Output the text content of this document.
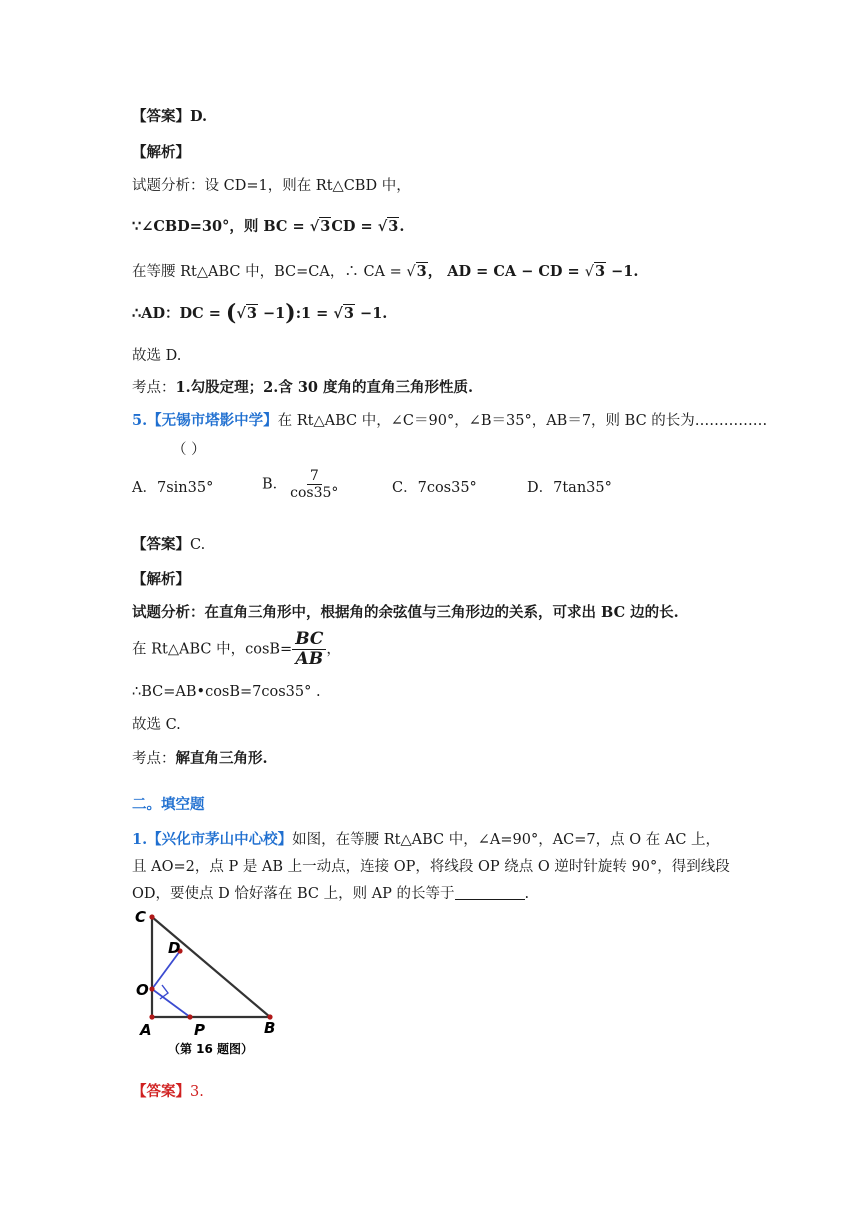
【答案】D.
【解析】
试题分析：设 CD=1，则在 Rt△CBD 中，
∵∠CBD=30°，则 BC = √3CD = √3.
在等腰 Rt△ABC 中，BC=CA，∴ CA = √3， AD = CA − CD = √3 −1.
∴AD：DC = (√3 −1):1 = √3 −1.
故选 D.
考点：1.勾股定理；2.含 30 度角的直角三角形性质.
5.【无锡市塔影中学】在 Rt△ABC 中，∠C＝90°，∠B＝35°，AB＝7，则 BC 的长为……………
（ ）
A．7sin35°	B． $\frac{7}{\cos 35^\circ}$	C．7cos35°	D．7tan35°
【答案】C.
【解析】
试题分析：在直角三角形中，根据角的余弦值与三角形边的关系，可求出 BC 边的长.
在 Rt△ABC 中，$\cos B= \frac{BC}{AB}$ ，
∴BC=AB•cosB=7cos35° .
故选 C.
考点：解直角三角形.
二。填空题
1.【兴化市茅山中心校】如图，在等腰 Rt△ABC 中，∠A=90°，AC=7，点 O 在 AC 上，
且 AO=2，点 P 是 AB 上一动点，连接 OP，将线段 OP 绕点 O 逆时针旋转 90°，得到线段
OD，要使点 D 恰好落在 BC 上，则 AP 的长等于	.
C
D
O
A	P	B
（第 16 题图）
【答案】3.
